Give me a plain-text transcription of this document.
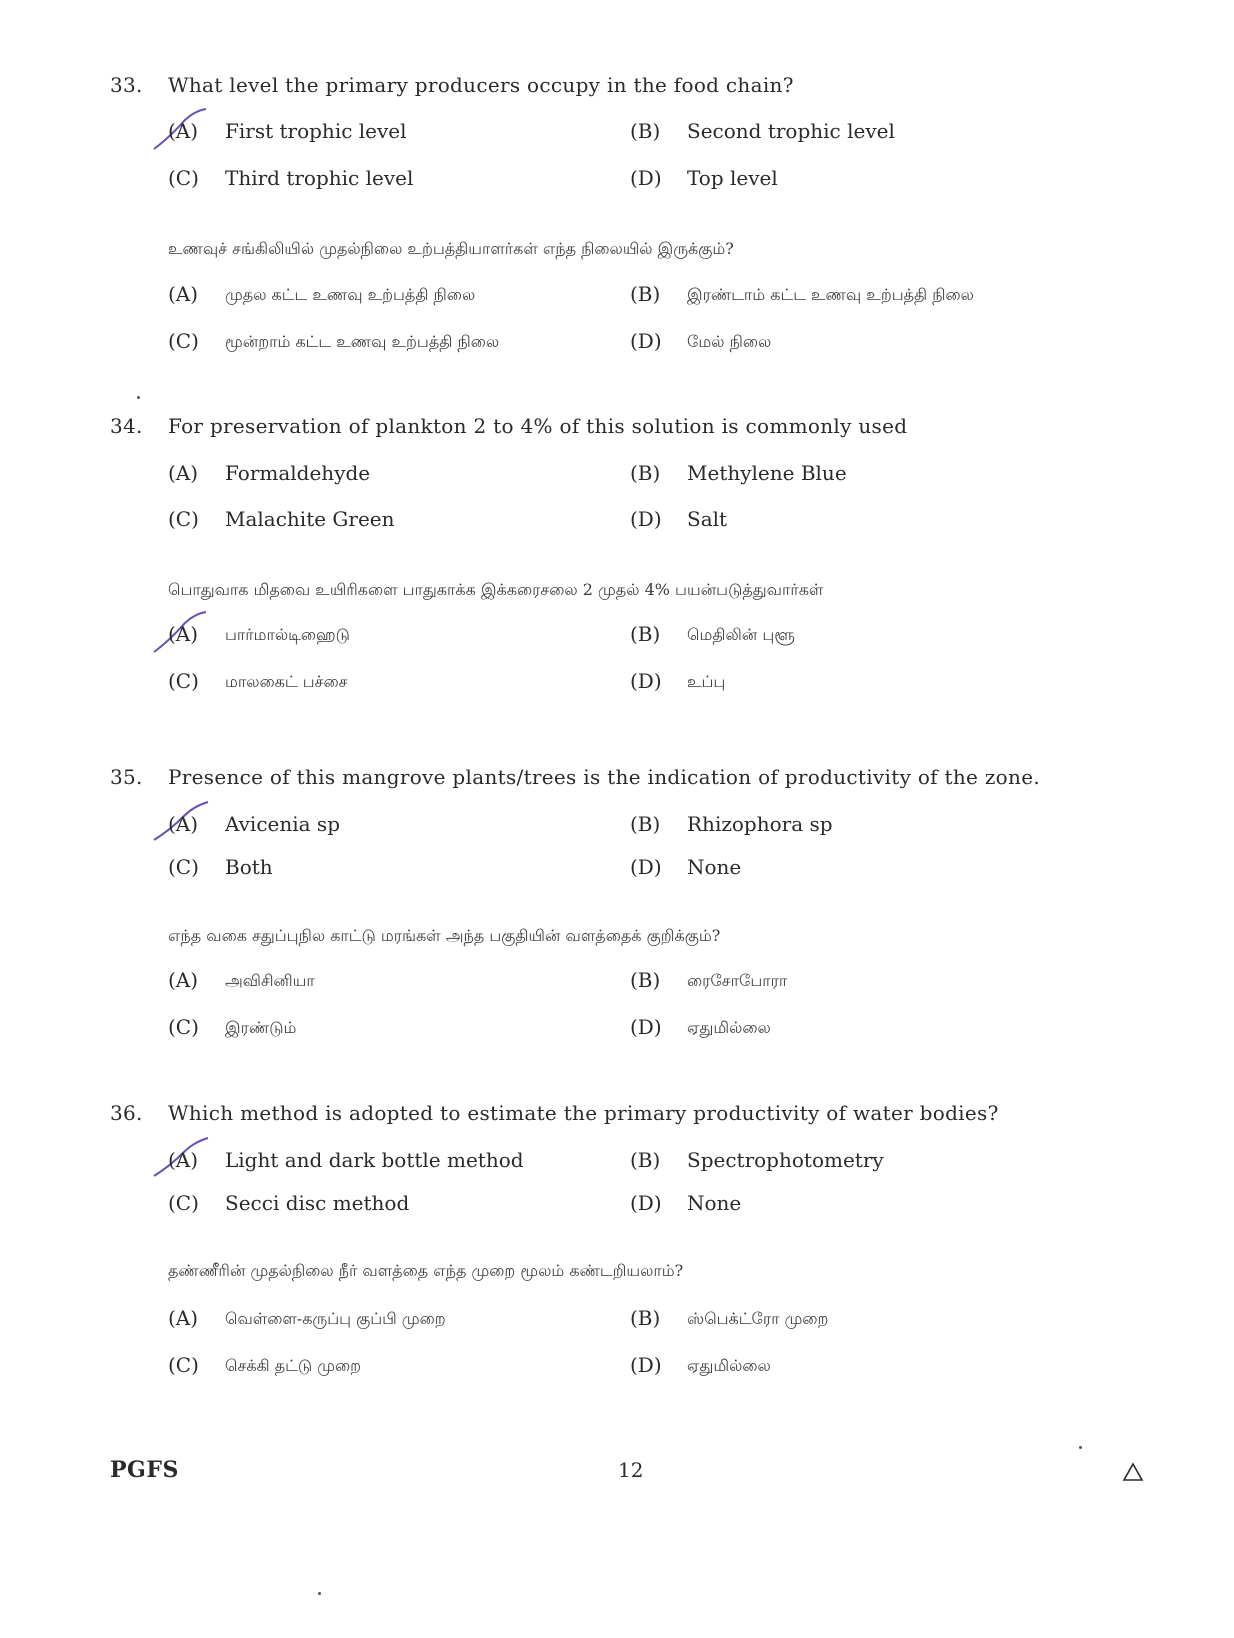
33. What level the primary producers occupy in the food chain?
(A) First trophic level	(B) Second trophic level
(C) Third trophic level	(D) Top level
உணவுச் சங்கிலியில் முதல்நிலை உற்பத்தியாளர்கள் எந்த நிலையில் இருக்கும்?
(A) முதல கட்ட உணவு உற்பத்தி நிலை	(B) இரண்டாம் கட்ட உணவு உற்பத்தி நிலை
(C) மூன்றாம் கட்ட உணவு உற்பத்தி நிலை	(D) மேல் நிலை
34. For preservation of plankton 2 to 4% of this solution is commonly used
(A) Formaldehyde	(B) Methylene Blue
(C) Malachite Green	(D) Salt
பொதுவாக மிதவை உயிரிகளை பாதுகாக்க இக்கரைசலை 2 முதல் 4% பயன்படுத்துவார்கள்
(A) பார்மால்டிஹைடு	(B) மெதிலின் புளூ
(C) மாலகைட் பச்சை	(D) உப்பு
35. Presence of this mangrove plants/trees is the indication of productivity of the zone.
(A) Avicenia sp	(B) Rhizophora sp
(C) Both	(D) None
எந்த வகை சதுப்புநில காட்டு மரங்கள் அந்த பகுதியின் வளத்தைக் குறிக்கும்?
(A) அவிசினியா	(B) ரைசோபோரா
(C) இரண்டும்	(D) ஏதுமில்லை
36. Which method is adopted to estimate the primary productivity of water bodies?
(A) Light and dark bottle method	(B) Spectrophotometry
(C) Secci disc method	(D) None
தண்ணீரின் முதல்நிலை நீர் வளத்தை எந்த முறை மூலம் கண்டறியலாம்?
(A) வெள்ளை-கருப்பு குப்பி முறை	(B) ஸ்பெக்ட்ரோ முறை
(C) செக்கி தட்டு முறை	(D) ஏதுமில்லை
PGFS	12
